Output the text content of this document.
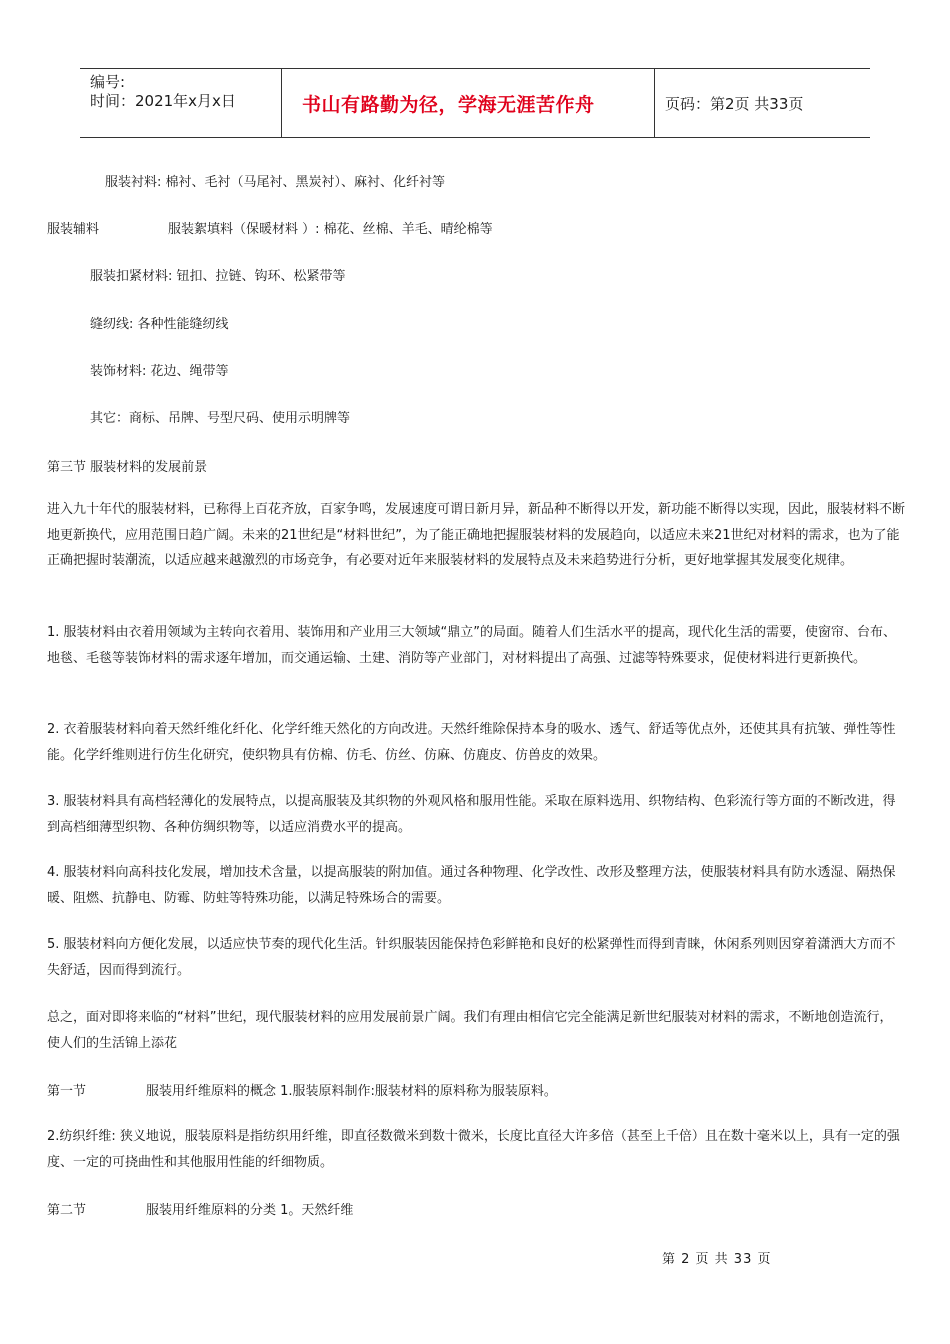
编号:
时间：2021年x月x日	书山有路勤为径，学海无涯苦作舟	页码：第2页 共33页
服装衬料: 棉衬、毛衬（马尾衬、黑炭衬）、麻衬、化纤衬等
服装辅料	服装絮填料（保暖材料 ）: 棉花、丝棉、羊毛、晴纶棉等
服装扣紧材料: 钮扣、拉链、钩环、松紧带等
缝纫线: 各种性能缝纫线
装饰材料: 花边、绳带等
其它：商标、吊牌、号型尺码、使用示明牌等
第三节 服装材料的发展前景
进入九十年代的服装材料，已称得上百花齐放，百家争鸣，发展速度可谓日新月异，新品种不断得以开发，新功能不断得以实现，因此，服装材料不断地更新换代，应用范围日趋广阔。未来的21世纪是“材料世纪”，为了能正确地把握服装材料的发展趋向，以适应未来21世纪对材料的需求，也为了能正确把握时装潮流，以适应越来越激烈的市场竞争，有必要对近年来服装材料的发展特点及未来趋势进行分析，更好地掌握其发展变化规律。
1. 服装材料由衣着用领域为主转向衣着用、装饰用和产业用三大领域“鼎立”的局面。随着人们生活水平的提高，现代化生活的需要，使窗帘、台布、地毯、毛毯等装饰材料的需求逐年增加，而交通运输、土建、消防等产业部门，对材料提出了高强、过滤等特殊要求，促使材料进行更新换代。
2. 衣着服装材料向着天然纤维化纤化、化学纤维天然化的方向改进。天然纤维除保持本身的吸水、透气、舒适等优点外，还使其具有抗皱、弹性等性能。化学纤维则进行仿生化研究，使织物具有仿棉、仿毛、仿丝、仿麻、仿鹿皮、仿兽皮的效果。
3. 服装材料具有高档轻薄化的发展特点，以提高服装及其织物的外观风格和服用性能。采取在原料选用、织物结构、色彩流行等方面的不断改进，得到高档细薄型织物、各种仿绸织物等，以适应消费水平的提高。
4. 服装材料向高科技化发展，增加技术含量，以提高服装的附加值。通过各种物理、化学改性、改形及整理方法，使服装材料具有防水透湿、隔热保暖、阻燃、抗静电、防霉、防蛀等特殊功能，以满足特殊场合的需要。
5. 服装材料向方便化发展，以适应快节奏的现代化生活。针织服装因能保持色彩鲜艳和良好的松紧弹性而得到青睐，休闲系列则因穿着潇洒大方而不失舒适，因而得到流行。
总之，面对即将来临的“材料”世纪，现代服装材料的应用发展前景广阔。我们有理由相信它完全能满足新世纪服装对材料的需求，不断地创造流行，使人们的生活锦上添花
第一节	服装用纤维原料的概念 1.服装原料制作:服装材料的原料称为服装原料。
2.纺织纤维: 狭义地说，服装原料是指纺织用纤维，即直径数微米到数十微米，长度比直径大许多倍（甚至上千倍）且在数十毫米以上，具有一定的强度、一定的可挠曲性和其他服用性能的纤细物质。
第二节	服装用纤维原料的分类 1。天然纤维
第 2 页 共 33 页
